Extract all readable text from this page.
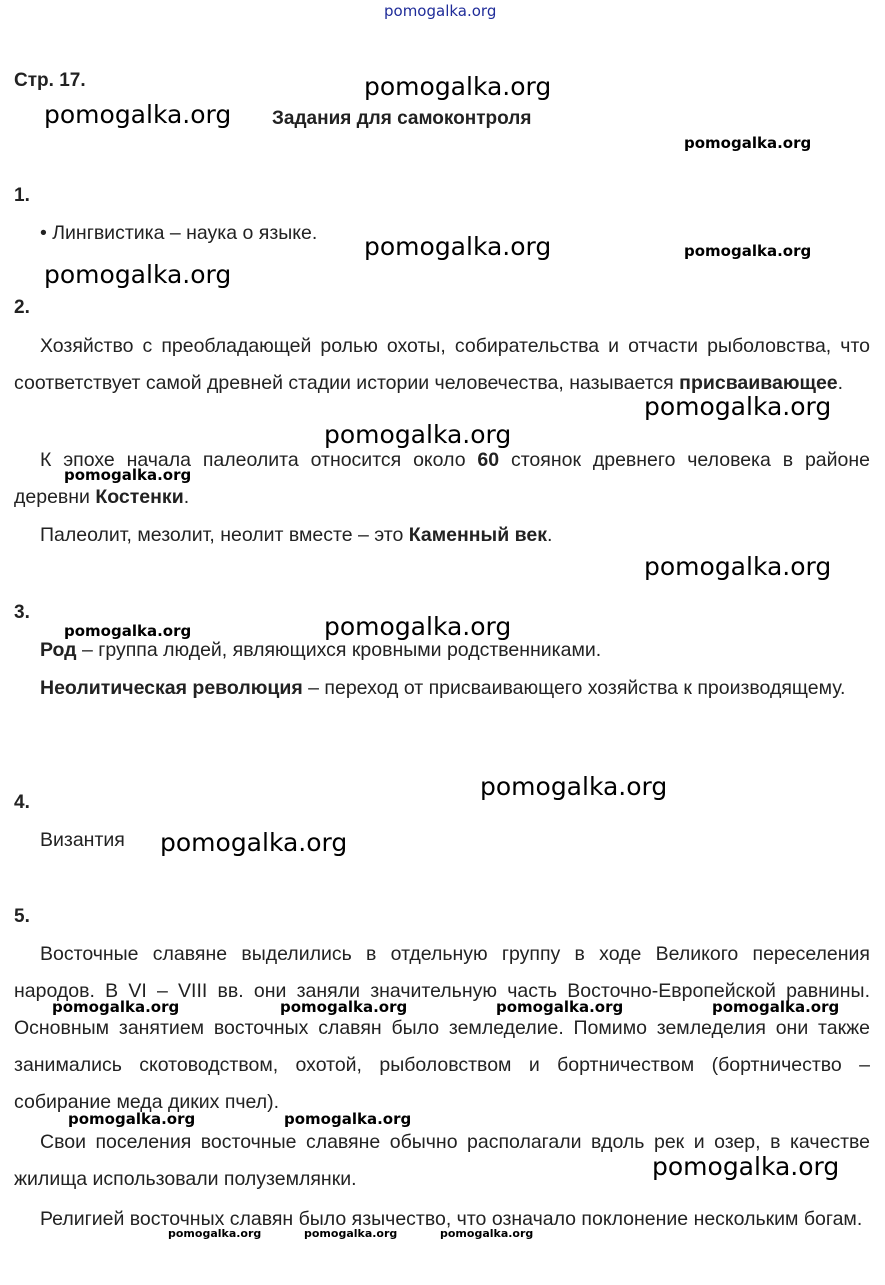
Стр. 17.
Задания для самоконтроля
1.
• Лингвистика – наука о языке.
2.
Хозяйство с преобладающей ролью охоты, собирательства и отчасти рыболовства, что соответствует самой древней стадии истории человечества, называется присваивающее.
К эпохе начала палеолита относится около 60 стоянок древнего человека в районе деревни Костенки.
Палеолит, мезолит, неолит вместе – это Каменный век.
3.
Род – группа людей, являющихся кровными родственниками.
Неолитическая революция – переход от присваивающего хозяйства к производящему.
4.
Византия
5.
Восточные славяне выделились в отдельную группу в ходе Великого переселения народов. В VI – VIII вв. они заняли значительную часть Восточно-Европейской равнины. Основным занятием восточных славян было земледелие. Помимо земледелия они также занимались скотоводством, охотой, рыболовством и бортничеством (бортничество – собирание меда диких пчел).
Свои поселения восточные славяне обычно располагали вдоль рек и озер, в качестве жилища использовали полуземлянки.
Религией восточных славян было язычество, что означало поклонение нескольким богам.
pomogalka.org
pomogalka.org
pomogalka.org
pomogalka.org
pomogalka.org	pomogalka.org
pomogalka.org
pomogalka.org
pomogalka.org
pomogalka.org
pomogalka.org
pomogalka.org	pomogalka.org
pomogalka.org
pomogalka.org
pomogalka.org	pomogalka.org	pomogalka.org	pomogalka.org
pomogalka.org	pomogalka.org
pomogalka.org
pomogalka.org	pomogalka.org	pomogalka.org
